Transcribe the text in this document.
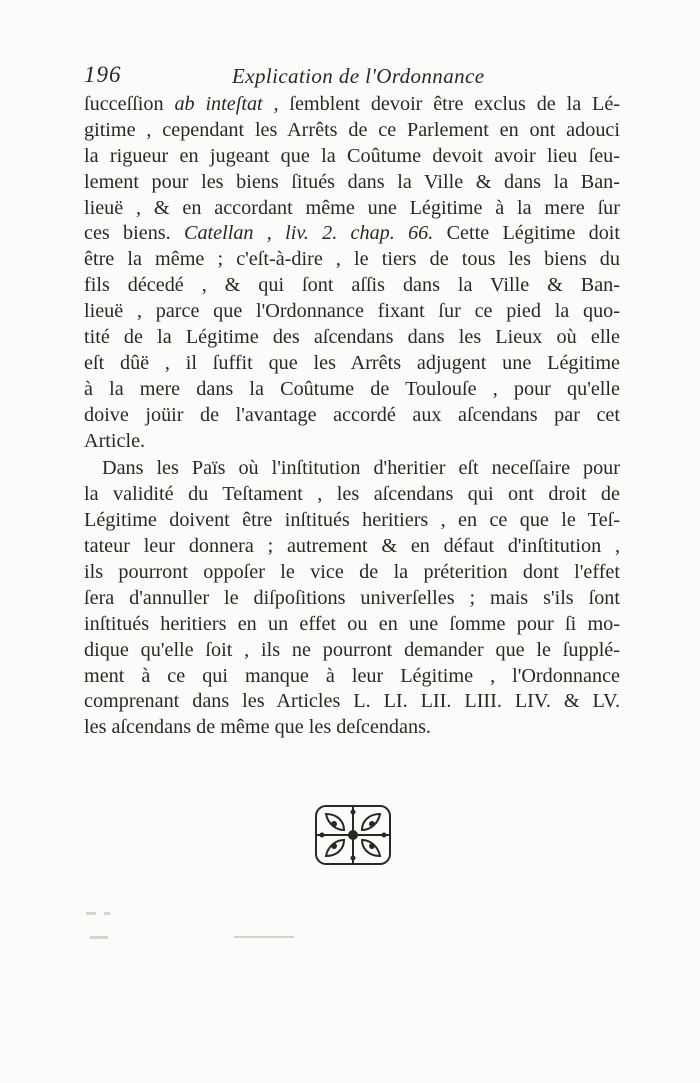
196	Explication de l'Ordonnance
ſucceſſion ab inteſtat , ſemblent devoir être exclus de la Lé-
gitime , cependant les Arrêts de ce Parlement en ont adouci
la rigueur en jugeant que la Coûtume devoit avoir lieu ſeu-
lement pour les biens ſitués dans la Ville & dans la Ban-
lieuë , & en accordant même une Légitime à la mere ſur
ces biens. Catellan , liv. 2. chap. 66. Cette Légitime doit
être la même ; c'eſt-à-dire , le tiers de tous les biens du
fils décedé , & qui ſont aſſis dans la Ville & Ban-
lieuë , parce que l'Ordonnance fixant ſur ce pied la quo-
tité de la Légitime des aſcendans dans les Lieux où elle
eſt dûë , il ſuffit que les Arrêts adjugent une Légitime
à la mere dans la Coûtume de Toulouſe , pour qu'elle
doive joüir de l'avantage accordé aux aſcendans par cet
Article.
Dans les Païs où l'inſtitution d'heritier eſt neceſſaire pour
la validité du Teſtament , les aſcendans qui ont droit de
Légitime doivent être inſtitués heritiers , en ce que le Teſ-
tateur leur donnera ; autrement & en défaut d'inſtitution ,
ils pourront oppoſer le vice de la préterition dont l'effet
ſera d'annuller le diſpoſitions univerſelles ; mais s'ils ſont
inſtitués heritiers en un effet ou en une ſomme pour ſi mo-
dique qu'elle ſoit , ils ne pourront demander que le ſupplé-
ment à ce qui manque à leur Légitime , l'Ordonnance
comprenant dans les Articles L. LI. LII. LIII. LIV. & LV.
les aſcendans de même que les deſcendans.
